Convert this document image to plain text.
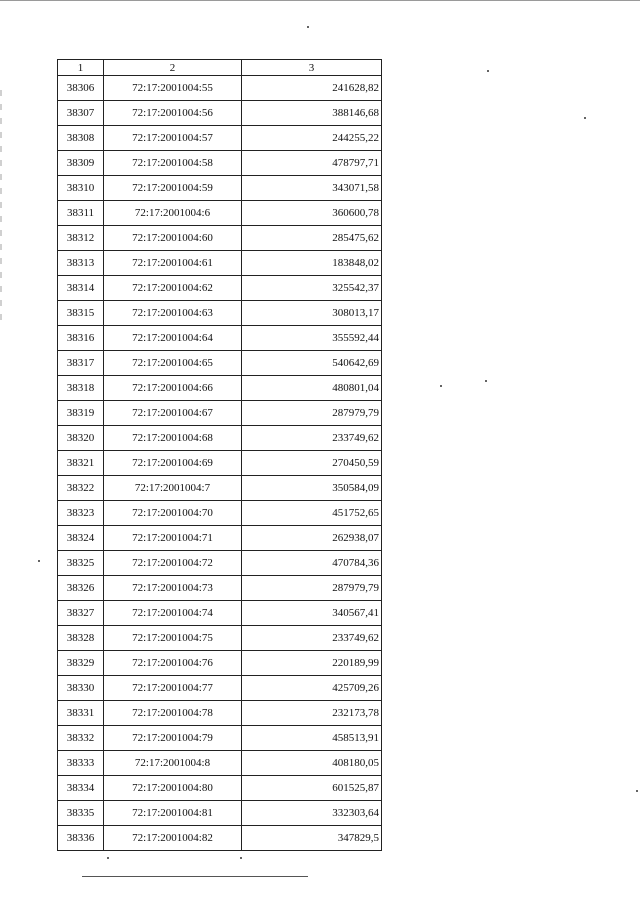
1	2	3
38306	72:17:2001004:55	241628,82
38307	72:17:2001004:56	388146,68
38308	72:17:2001004:57	244255,22
38309	72:17:2001004:58	478797,71
38310	72:17:2001004:59	343071,58
38311	72:17:2001004:6	360600,78
38312	72:17:2001004:60	285475,62
38313	72:17:2001004:61	183848,02
38314	72:17:2001004:62	325542,37
38315	72:17:2001004:63	308013,17
38316	72:17:2001004:64	355592,44
38317	72:17:2001004:65	540642,69
38318	72:17:2001004:66	480801,04
38319	72:17:2001004:67	287979,79
38320	72:17:2001004:68	233749,62
38321	72:17:2001004:69	270450,59
38322	72:17:2001004:7	350584,09
38323	72:17:2001004:70	451752,65
38324	72:17:2001004:71	262938,07
38325	72:17:2001004:72	470784,36
38326	72:17:2001004:73	287979,79
38327	72:17:2001004:74	340567,41
38328	72:17:2001004:75	233749,62
38329	72:17:2001004:76	220189,99
38330	72:17:2001004:77	425709,26
38331	72:17:2001004:78	232173,78
38332	72:17:2001004:79	458513,91
38333	72:17:2001004:8	408180,05
38334	72:17:2001004:80	601525,87
38335	72:17:2001004:81	332303,64
38336	72:17:2001004:82	347829,5
